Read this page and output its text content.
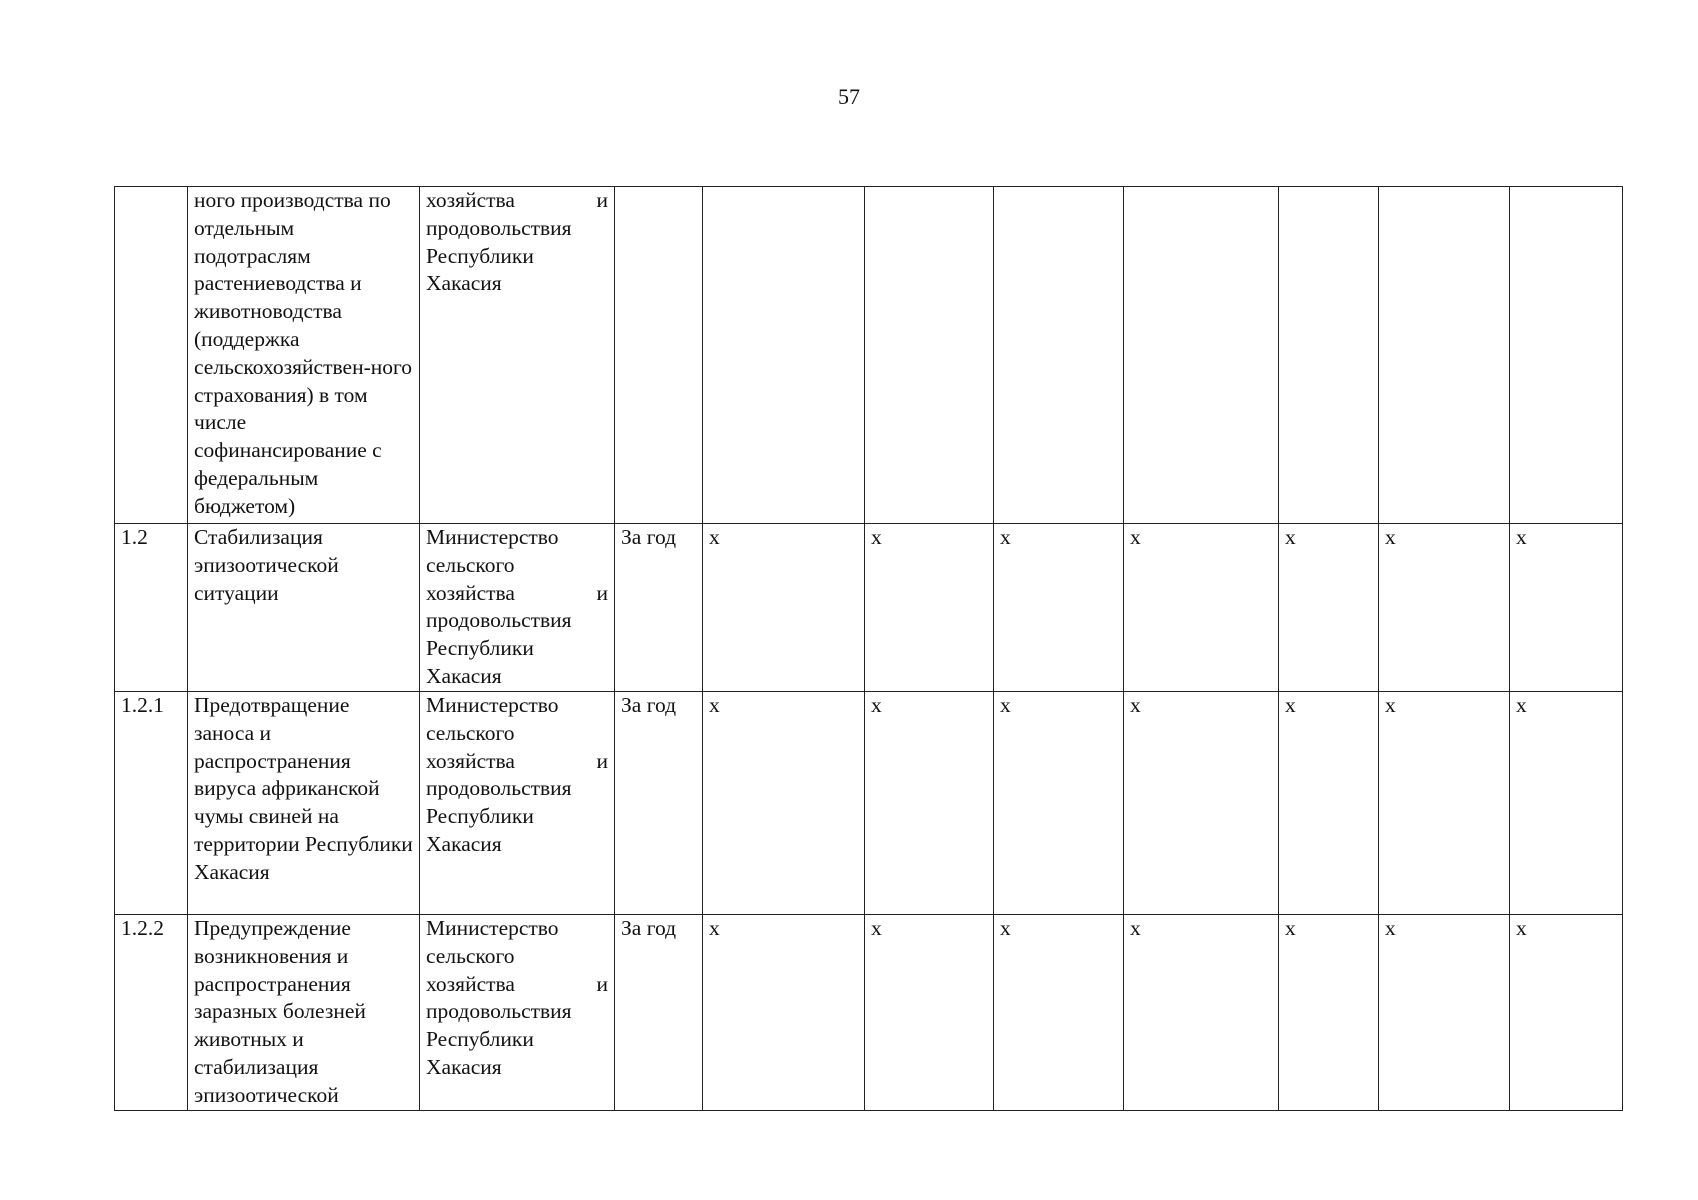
57
	ного производства по отдельным подотраслям растениеводства и животноводства (поддержка сельскохозяйствен-ного страхования) в том числе софинансирование с федеральным бюджетом)	хозяйства и продовольствия Республики Хакасия								
1.2	Стабилизация эпизоотической ситуации	Министерство сельского хозяйства и продовольствия Республики Хакасия	За год	x	x	x	x	x	x	x
1.2.1	Предотвращение заноса и распространения вируса африканской чумы свиней на территории Республики Хакасия	Министерство сельского хозяйства и продовольствия Республики Хакасия	За год	x	x	x	x	x	x	x
1.2.2	Предупреждение возникновения и распространения заразных болезней животных и стабилизация эпизоотической	Министерство сельского хозяйства и продовольствия Республики Хакасия	За год	x	x	x	x	x	x	x
